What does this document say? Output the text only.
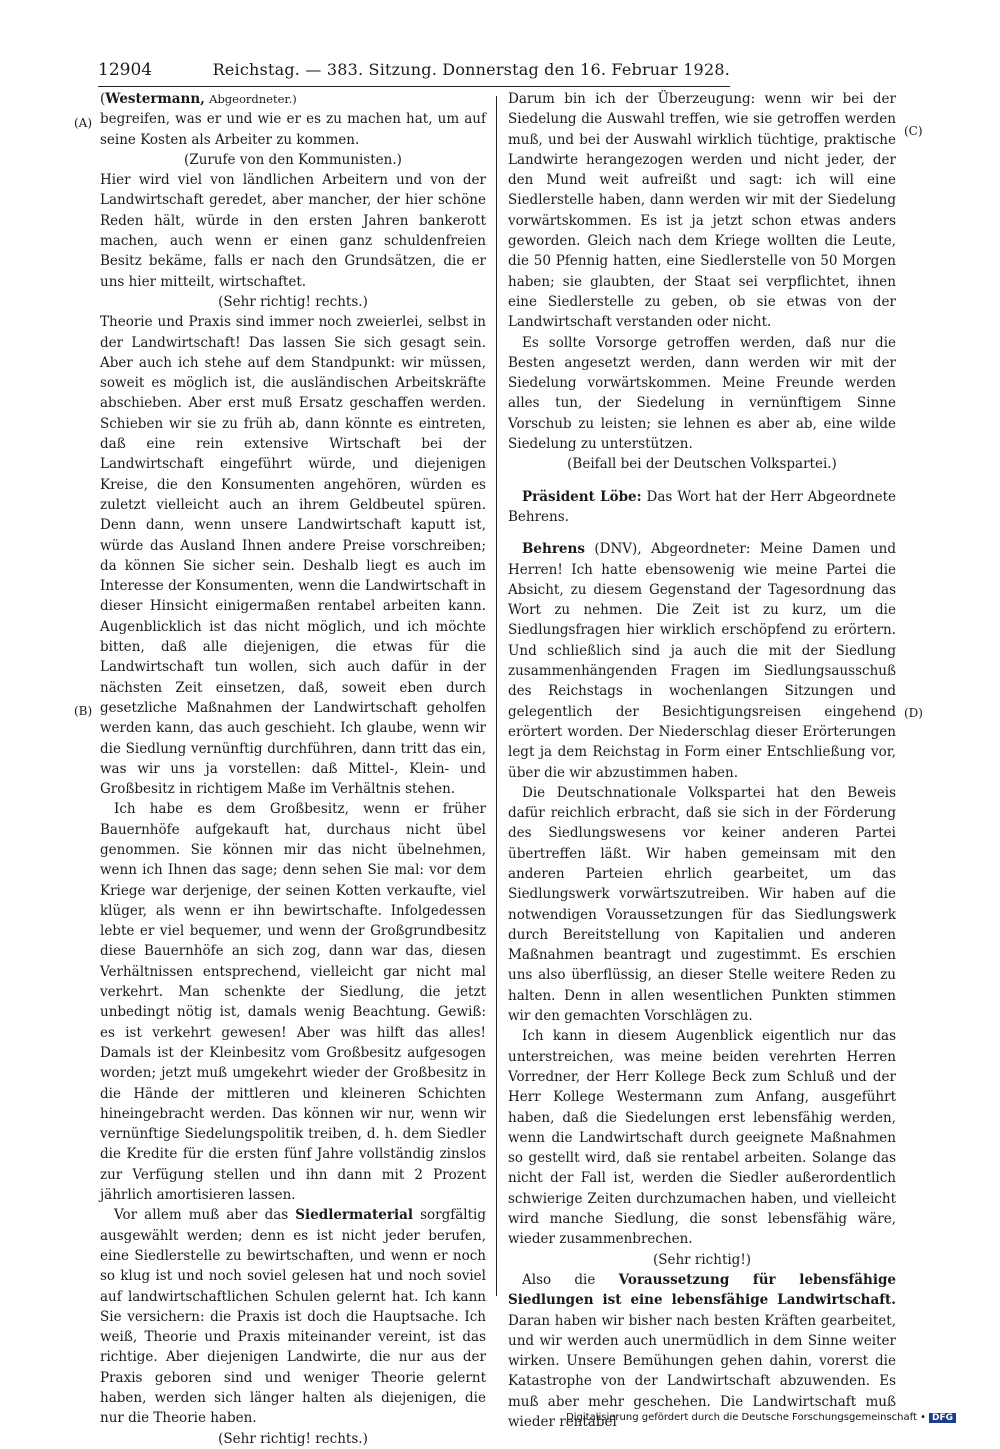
12904	Reichstag. — 383. Sitzung. Donnerstag den 16. Februar 1928.
(A)
(B)
(C)
(D)

(Westermann, Abgeordneter.)

begreifen, was er und wie er es zu machen hat, um auf seine Kosten als Arbeiter zu kommen.

(Zurufe von den Kommunisten.)

Hier wird viel von ländlichen Arbeitern und von der Landwirtschaft geredet, aber mancher, der hier schöne Reden hält, würde in den ersten Jahren bankerott machen, auch wenn er einen ganz schuldenfreien Besitz bekäme, falls er nach den Grundsätzen, die er uns hier mitteilt, wirtschaftet.

(Sehr richtig! rechts.)

Theorie und Praxis sind immer noch zweierlei, selbst in der Landwirtschaft! Das lassen Sie sich gesagt sein. Aber auch ich stehe auf dem Standpunkt: wir müssen, soweit es möglich ist, die ausländischen Arbeitskräfte abschieben. Aber erst muß Ersatz geschaffen werden. Schieben wir sie zu früh ab, dann könnte es eintreten, daß eine rein extensive Wirtschaft bei der Landwirtschaft eingeführt würde, und diejenigen Kreise, die den Konsumenten angehören, würden es zuletzt vielleicht auch an ihrem Geldbeutel spüren. Denn dann, wenn unsere Landwirtschaft kaputt ist, würde das Ausland Ihnen andere Preise vorschreiben; da können Sie sicher sein. Deshalb liegt es auch im Interesse der Konsumenten, wenn die Landwirtschaft in dieser Hinsicht einigermaßen rentabel arbeiten kann. Augenblicklich ist das nicht möglich, und ich möchte bitten, daß alle diejenigen, die etwas für die Landwirtschaft tun wollen, sich auch dafür in der nächsten Zeit einsetzen, daß, soweit eben durch gesetzliche Maßnahmen der Landwirtschaft geholfen werden kann, das auch geschieht. Ich glaube, wenn wir die Siedlung vernünftig durchführen, dann tritt das ein, was wir uns ja vorstellen: daß Mittel-, Klein- und Großbesitz in richtigem Maße im Verhältnis stehen.

Ich habe es dem Großbesitz, wenn er früher Bauernhöfe aufgekauft hat, durchaus nicht übel genommen. Sie können mir das nicht übelnehmen, wenn ich Ihnen das sage; denn sehen Sie mal: vor dem Kriege war derjenige, der seinen Kotten verkaufte, viel klüger, als wenn er ihn bewirtschafte. Infolgedessen lebte er viel bequemer, und wenn der Großgrundbesitz diese Bauernhöfe an sich zog, dann war das, diesen Verhältnissen entsprechend, vielleicht gar nicht mal verkehrt. Man schenkte der Siedlung, die jetzt unbedingt nötig ist, damals wenig Beachtung. Gewiß: es ist verkehrt gewesen! Aber was hilft das alles! Damals ist der Kleinbesitz vom Großbesitz aufgesogen worden; jetzt muß umgekehrt wieder der Großbesitz in die Hände der mittleren und kleineren Schichten hineingebracht werden. Das können wir nur, wenn wir vernünftige Siedelungspolitik treiben, d. h. dem Siedler die Kredite für die ersten fünf Jahre vollständig zinslos zur Verfügung stellen und ihn dann mit 2 Prozent jährlich amortisieren lassen.

Vor allem muß aber das Siedlermaterial sorgfältig ausgewählt werden; denn es ist nicht jeder berufen, eine Siedlerstelle zu bewirtschaften, und wenn er noch so klug ist und noch soviel gelesen hat und noch soviel auf landwirtschaftlichen Schulen gelernt hat. Ich kann Sie versichern: die Praxis ist doch die Hauptsache. Ich weiß, Theorie und Praxis miteinander vereint, ist das richtige. Aber diejenigen Landwirte, die nur aus der Praxis geboren sind und weniger Theorie gelernt haben, werden sich länger halten als diejenigen, die nur die Theorie haben.

(Sehr richtig! rechts.)

Darum bin ich der Überzeugung: wenn wir bei der Siedelung die Auswahl treffen, wie sie getroffen werden muß, und bei der Auswahl wirklich tüchtige, praktische Landwirte herangezogen werden und nicht jeder, der den Mund weit aufreißt und sagt: ich will eine Siedlerstelle haben, dann werden wir mit der Siedelung vorwärtskommen. Es ist ja jetzt schon etwas anders geworden. Gleich nach dem Kriege wollten die Leute, die 50 Pfennig hatten, eine Siedlerstelle von 50 Morgen haben; sie glaubten, der Staat sei verpflichtet, ihnen eine Siedlerstelle zu geben, ob sie etwas von der Landwirtschaft verstanden oder nicht.

Es sollte Vorsorge getroffen werden, daß nur die Besten angesetzt werden, dann werden wir mit der Siedelung vorwärtskommen. Meine Freunde werden alles tun, der Siedelung in vernünftigem Sinne Vorschub zu leisten; sie lehnen es aber ab, eine wilde Siedelung zu unterstützen.

(Beifall bei der Deutschen Volkspartei.)

Präsident Löbe: Das Wort hat der Herr Abgeordnete Behrens.

Behrens (DNV), Abgeordneter: Meine Damen und Herren! Ich hatte ebensowenig wie meine Partei die Absicht, zu diesem Gegenstand der Tagesordnung das Wort zu nehmen. Die Zeit ist zu kurz, um die Siedlungsfragen hier wirklich erschöpfend zu erörtern. Und schließlich sind ja auch die mit der Siedlung zusammenhängenden Fragen im Siedlungsausschuß des Reichstags in wochenlangen Sitzungen und gelegentlich der Besichtigungsreisen eingehend erörtert worden. Der Niederschlag dieser Erörterungen legt ja dem Reichstag in Form einer Entschließung vor, über die wir abzustimmen haben.

Die Deutschnationale Volkspartei hat den Beweis dafür reichlich erbracht, daß sie sich in der Förderung des Siedlungswesens vor keiner anderen Partei übertreffen läßt. Wir haben gemeinsam mit den anderen Parteien ehrlich gearbeitet, um das Siedlungswerk vorwärtszutreiben. Wir haben auf die notwendigen Voraussetzungen für das Siedlungswerk durch Bereitstellung von Kapitalien und anderen Maßnahmen beantragt und zugestimmt. Es erschien uns also überflüssig, an dieser Stelle weitere Reden zu halten. Denn in allen wesentlichen Punkten stimmen wir den gemachten Vorschlägen zu.

Ich kann in diesem Augenblick eigentlich nur das unterstreichen, was meine beiden verehrten Herren Vorredner, der Herr Kollege Beck zum Schluß und der Herr Kollege Westermann zum Anfang, ausgeführt haben, daß die Siedelungen erst lebensfähig werden, wenn die Landwirtschaft durch geeignete Maßnahmen so gestellt wird, daß sie rentabel arbeiten. Solange das nicht der Fall ist, werden die Siedler außerordentlich schwierige Zeiten durchzumachen haben, und vielleicht wird manche Siedlung, die sonst lebensfähig wäre, wieder zusammenbrechen.

(Sehr richtig!)

Also die Voraussetzung für lebensfähige Siedlungen ist eine lebensfähige Landwirtschaft. Daran haben wir bisher nach besten Kräften gearbeitet, und wir werden auch unermüdlich in dem Sinne weiter wirken. Unsere Bemühungen gehen dahin, vorerst die Katastrophe von der Landwirtschaft abzuwenden. Es muß aber mehr geschehen. Die Landwirtschaft muß wieder rentabel

Digitalisierung gefördert durch die Deutsche Forschungsgemeinschaft • DFG
